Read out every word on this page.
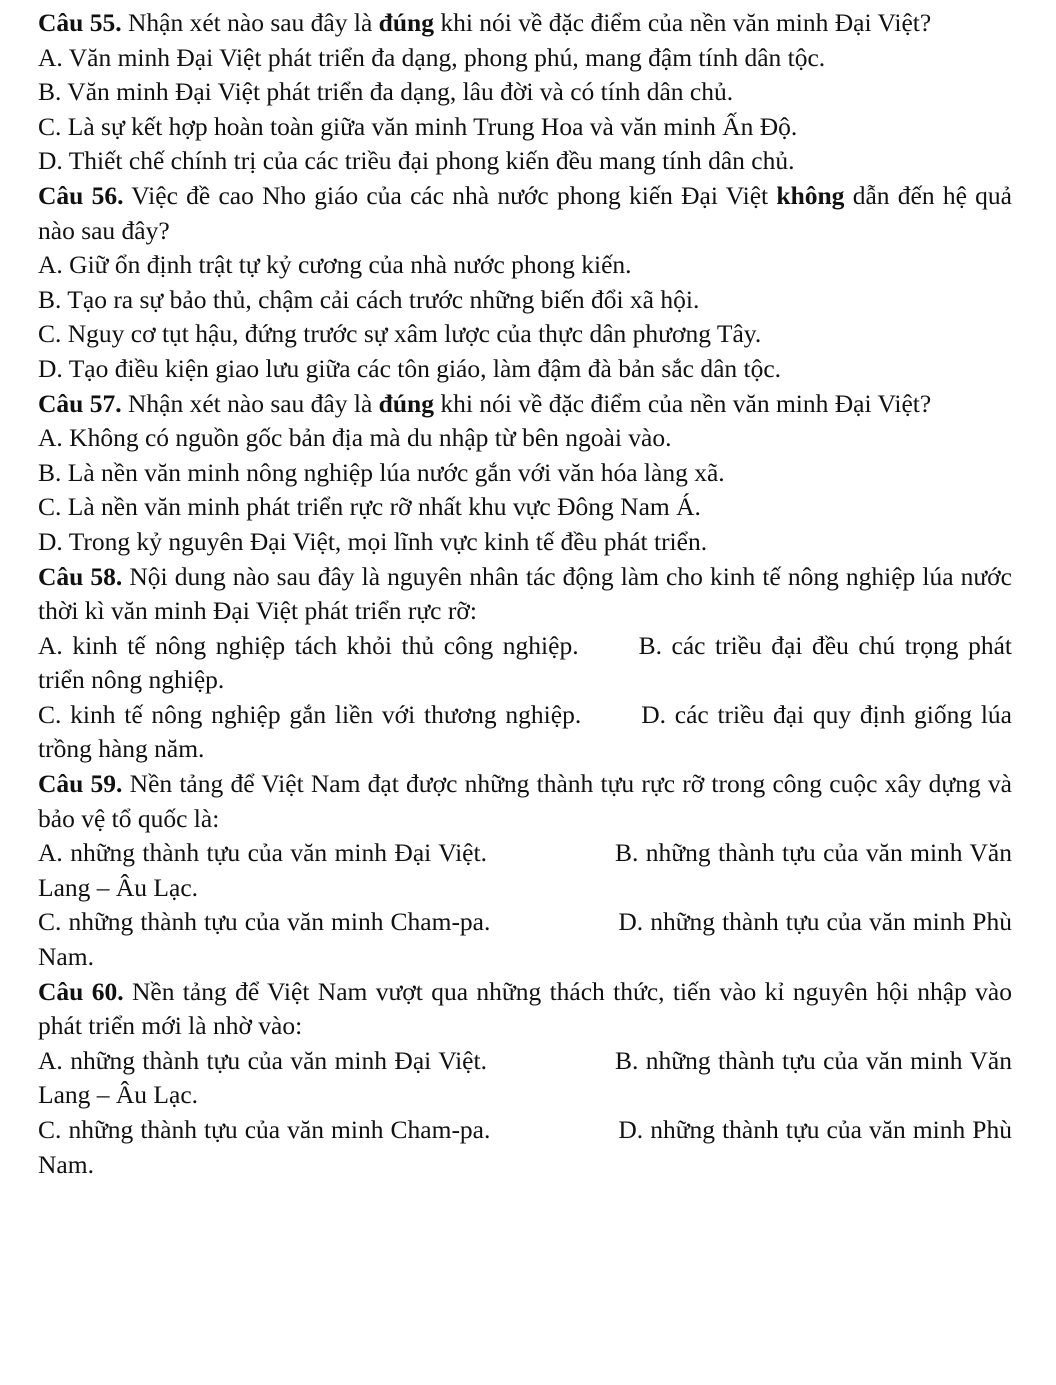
Câu 55. Nhận xét nào sau đây là đúng khi nói về đặc điểm của nền văn minh Đại Việt?

A. Văn minh Đại Việt phát triển đa dạng, phong phú, mang đậm tính dân tộc.

B. Văn minh Đại Việt phát triển đa dạng, lâu đời và có tính dân chủ.

C. Là sự kết hợp hoàn toàn giữa văn minh Trung Hoa và văn minh Ấn Độ.

D. Thiết chế chính trị của các triều đại phong kiến đều mang tính dân chủ.

Câu 56. Việc đề cao Nho giáo của các nhà nước phong kiến Đại Việt không dẫn đến hệ quả nào sau đây?

A. Giữ ổn định trật tự kỷ cương của nhà nước phong kiến.

B. Tạo ra sự bảo thủ, chậm cải cách trước những biến đổi xã hội.

C. Nguy cơ tụt hậu, đứng trước sự xâm lược của thực dân phương Tây.

D. Tạo điều kiện giao lưu giữa các tôn giáo, làm đậm đà bản sắc dân tộc.

Câu 57. Nhận xét nào sau đây là đúng khi nói về đặc điểm của nền văn minh Đại Việt?

A. Không có nguồn gốc bản địa mà du nhập từ bên ngoài vào.

B. Là nền văn minh nông nghiệp lúa nước gắn với văn hóa làng xã.

C. Là nền văn minh phát triển rực rỡ nhất khu vực Đông Nam Á.

D. Trong kỷ nguyên Đại Việt, mọi lĩnh vực kinh tế đều phát triển.

Câu 58. Nội dung nào sau đây là nguyên nhân tác động làm cho kinh tế nông nghiệp lúa nước thời kì văn minh Đại Việt phát triển rực rỡ:

A. kinh tế nông nghiệp tách khỏi thủ công nghiệp. B. các triều đại đều chú trọng phát triển nông nghiệp.

C. kinh tế nông nghiệp gắn liền với thương nghiệp. D. các triều đại quy định giống lúa trồng hàng năm.

Câu 59. Nền tảng để Việt Nam đạt được những thành tựu rực rỡ trong công cuộc xây dựng và bảo vệ tổ quốc là:

A. những thành tựu của văn minh Đại Việt.	B. những thành tựu của văn minh Văn Lang – Âu Lạc.

C. những thành tựu của văn minh Cham-pa.	D. những thành tựu của văn minh Phù Nam.

Câu 60. Nền tảng để Việt Nam vượt qua những thách thức, tiến vào kỉ nguyên hội nhập vào phát triển mới là nhờ vào:

A. những thành tựu của văn minh Đại Việt.	B. những thành tựu của văn minh Văn Lang – Âu Lạc.

C. những thành tựu của văn minh Cham-pa.	D. những thành tựu của văn minh Phù Nam.
